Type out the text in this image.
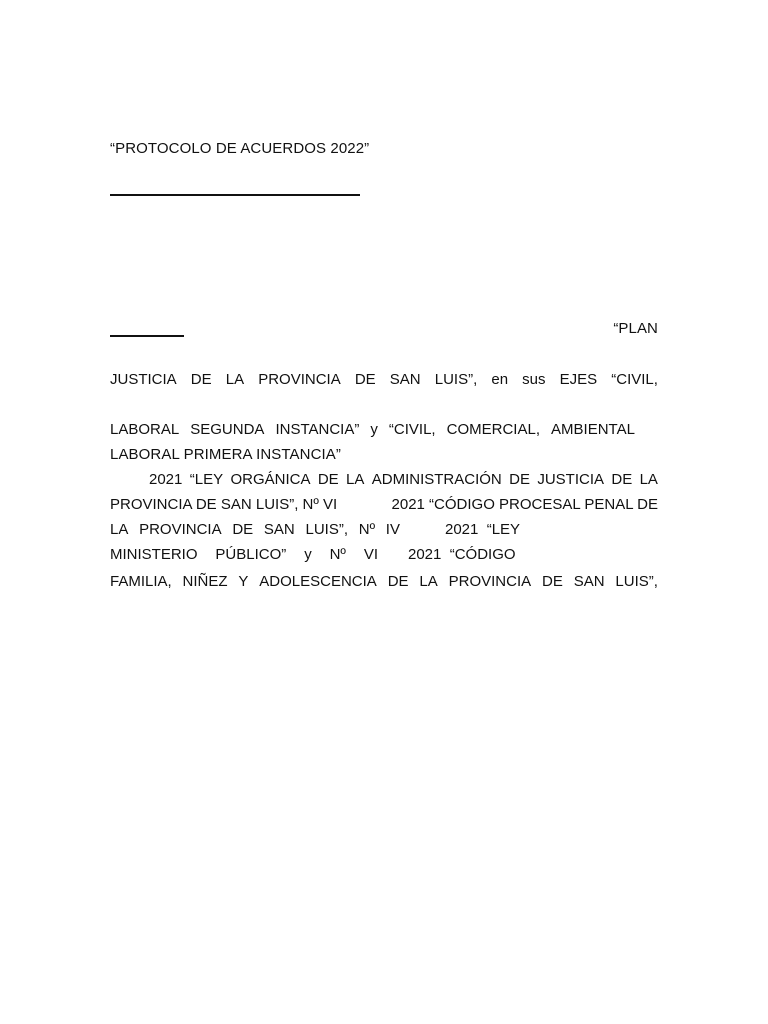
“PROTOCOLO DE ACUERDOS 2022”
“PLAN
JUSTICIA DE LA PROVINCIA DE SAN LUIS”, en sus EJES “CIVIL,
LABORAL SEGUNDA INSTANCIA” y “CIVIL, COMERCIAL, AMBIENTAL
LABORAL PRIMERA INSTANCIA”
2021 “LEY ORGÁNICA DE LA ADMINISTRACIÓN DE JUSTICIA DE LA
PROVINCIA DE SAN LUIS”, Nº VI	2021 “CÓDIGO PROCESAL PENAL DE
LA PROVINCIA DE SAN LUIS”, Nº IV	2021  “LEY
MINISTERIO PÚBLICO” y Nº VI 2021  “CÓDIGO
FAMILIA, NIÑEZ Y ADOLESCENCIA DE LA PROVINCIA DE SAN LUIS”,
